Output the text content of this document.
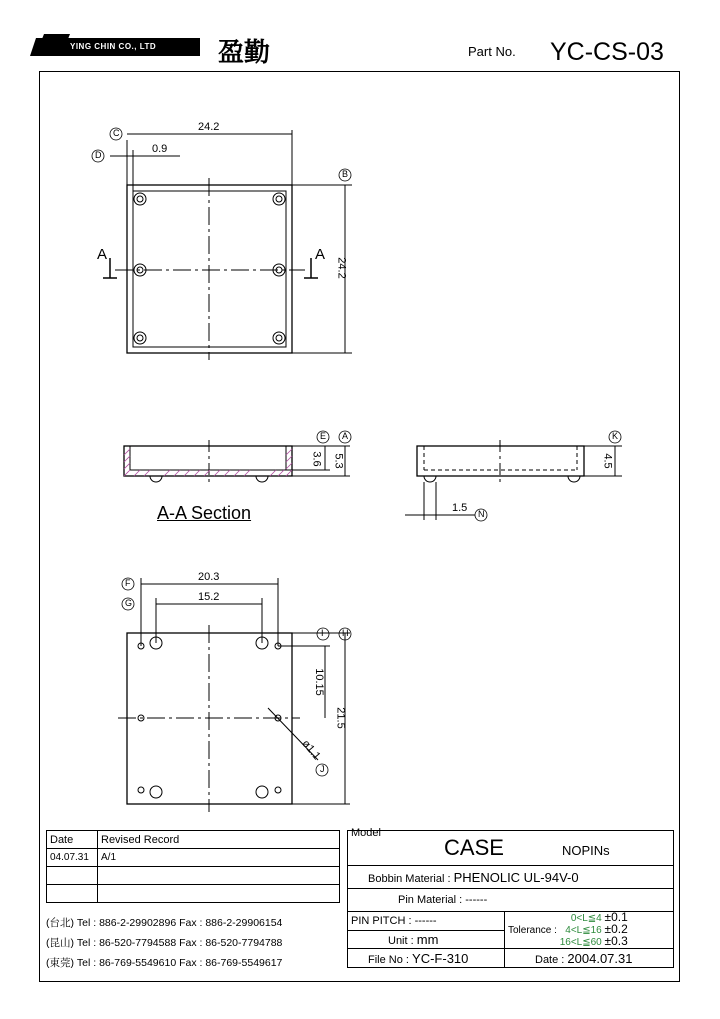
YING CHIN CO., LTD 盈勤	Part No. YC-CS-03
24.2
0.9
24.2
A	A
3.6 5.3	4.5
1.5
20.3
15.2
10.15
21.5
ø1.1
C
D
B
E A	K
N
F
G
I H
J
A-A Section
Date	Revised Record
04.07.31	A/1

(台北) Tel : 886-2-29902896 Fax : 886-2-29906154
(昆山) Tel : 86-520-7794588 Fax : 86-520-7794788
(東莞) Tel : 86-769-5549610 Fax : 86-769-5549617
Model CASE NOPINs	
Bobbin Material : PHENOLIC UL-94V-0	
Pin Material : ------	
PIN PITCH : ------	Tolerance : 0<L≦4 ±0.1
4<L≦16 ±0.2
16<L≦60 ±0.3
Unit : mm	
File No : YC-F-310	Date : 2004.07.31
